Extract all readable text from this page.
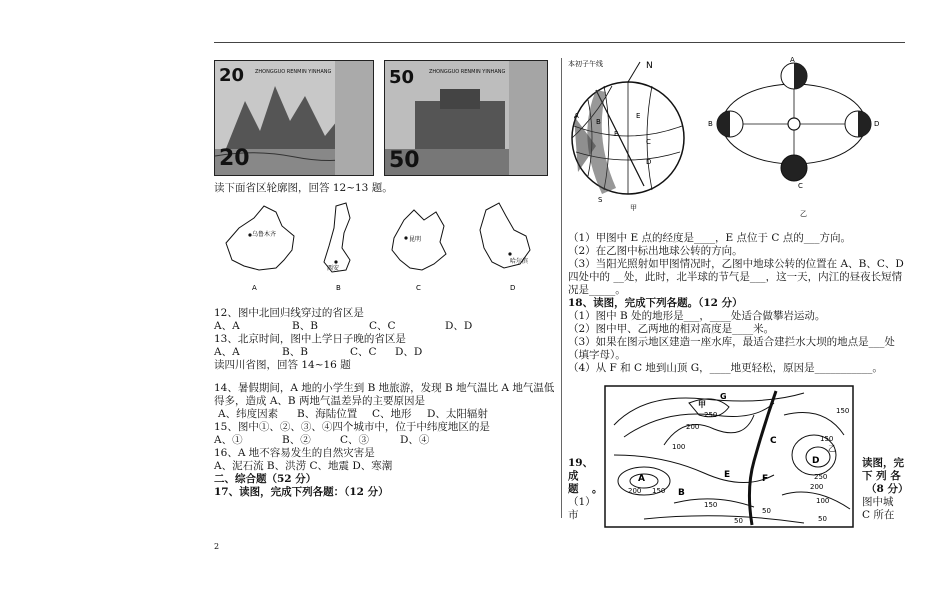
20
20
ZHONGGUO RENMIN YINHANG	50
50
ZHONGGUO RENMIN YINHANG
读下面省区轮廓图，回答 12~13 题。
乌鲁木齐
西安
昆明
哈尔滨
A	B	C	D
12、图中北回归线穿过的省区是
A、A	B、B	C、C	D、D
13、北京时间，图中上学日子晚的省区是
A、A	B、B	C、C D、D
读四川省图，回答 14~16 题
14、暑假期间，A 地的小学生到 B 地旅游，发现 B 地气温比 A 地气温低
得多，造成 A、B 两地气温差异的主要原因是
A、纬度因素 B、海陆位置 C、地形 D、太阳辐射
15、图中①、②、③、④四个城市中，位于中纬度地区的是
A、①	B、②	C、③	D、④
16、A 地不容易发生的自然灾害是
A、泥石流 B、洪涝 C、地震 D、寒潮
二、综合题（52 分）
17、读图，完成下列各题：（12 分）
2
本初子午线	N
A
B
C
D
E
F
S
甲
A
B
C
D
乙
（1）甲图中 E 点的经度是____，E 点位于 C 点的___方向。
（2）在乙图中标出地球公转的方向。
（3）当阳光照射如甲图情况时，乙图中地球公转的位置在 A、B、C、D
四处中的 __处，此时，北半球的节气是___，这一天，内江的昼夜长短情
况是_____。
18、读图，完成下列各题。（12 分）
（1）图中 B 处的地形是___，____处适合做攀岩运动。
（2）图中甲、乙两地的相对高度是____米。
（3）如果在图示地区建造一座水库，最适合建拦水大坝的地点是___处
（填字母）。
（4）从 F 和 C 地到山顶 G，____地更轻松，原因是___________。
G
甲
250
200
100
C	150
A
200 150 B
E	F
D
乙
150
250
200
50
100
150
50	50
19、
成
题 。
（1）
市
读图，完
下 列 各
（8 分）
图中城
C 所在
